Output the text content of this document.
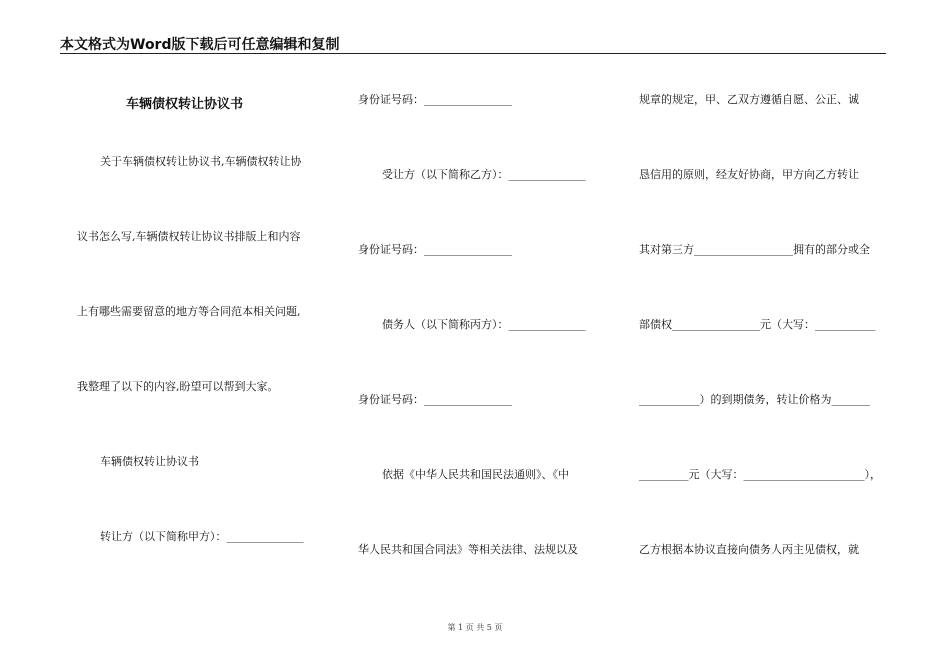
本文格式为Word版下载后可任意编辑和复制
车辆债权转让协议书
关于车辆债权转让协议书,车辆债权转让协
议书怎么写,车辆债权转让协议书排版上和内容
上有哪些需要留意的地方等合同范本相关问题,
我整理了以下的内容,盼望可以帮到大家。
车辆债权转让协议书
转让方（以下简称甲方）：______________
身份证号码：________________
受让方（以下简称乙方）：______________
身份证号码：________________
债务人（以下简称丙方）：______________
身份证号码：________________
依据《中华人民共和国民法通则》、《中
华人民共和国合同法》等相关法律、法规以及
规章的规定，甲、乙双方遵循自愿、公正、诚
恳信用的原则，经友好协商，甲方向乙方转让
其对第三方__________________拥有的部分或全
部债权________________元（大写：___________
___________）的到期债务，转让价格为_______
_________元（大写：______________________），
乙方根据本协议直接向债务人丙主见债权，就
第 1 页 共 5 页
